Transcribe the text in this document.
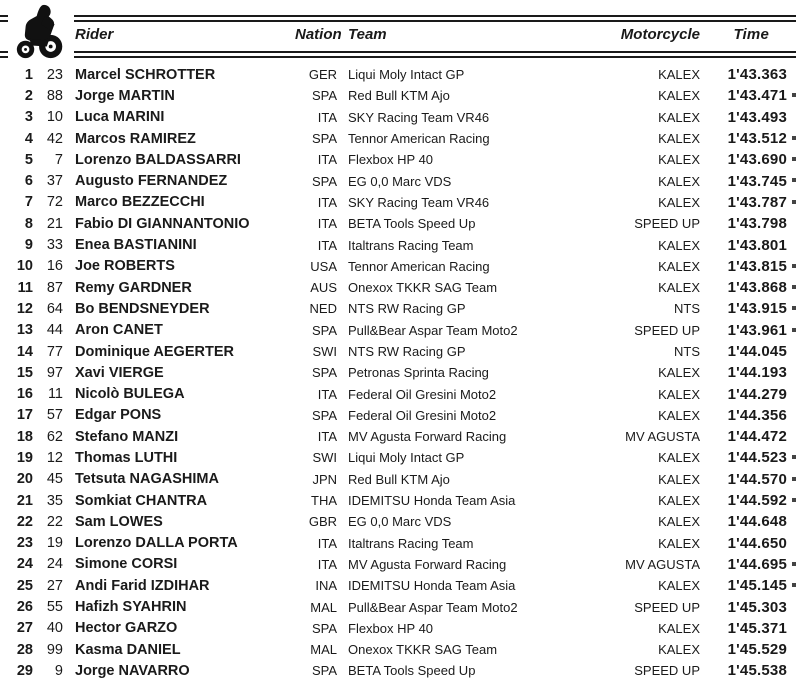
Rider	Nation Team	Motorcycle	Time
1 23 Marcel SCHROTTER	GER Liqui Moly Intact GP	KALEX	1'43.363
2 88 Jorge MARTIN	SPA Red Bull KTM Ajo	KALEX	1'43.471
3 10 Luca MARINI	ITA SKY Racing Team VR46	KALEX	1'43.493
4 42 Marcos RAMIREZ	SPA Tennor American Racing	KALEX	1'43.512
5	7 Lorenzo BALDASSARRI	ITA Flexbox HP 40	KALEX	1'43.690
6 37 Augusto FERNANDEZ	SPA EG 0,0 Marc VDS	KALEX	1'43.745
7 72 Marco BEZZECCHI	ITA SKY Racing Team VR46	KALEX	1'43.787
8 21 Fabio DI GIANNANTONIO	ITA BETA Tools Speed Up	SPEED UP	1'43.798
9 33 Enea BASTIANINI	ITA Italtrans Racing Team	KALEX	1'43.801
10 16 Joe ROBERTS	USA Tennor American Racing	KALEX	1'43.815
11 87 Remy GARDNER	AUS Onexox TKKR SAG Team	KALEX	1'43.868
12 64 Bo BENDSNEYDER	NED NTS RW Racing GP	NTS	1'43.915
13 44 Aron CANET	SPA Pull&Bear Aspar Team Moto2	SPEED UP	1'43.961
14 77 Dominique AEGERTER	SWI NTS RW Racing GP	NTS	1'44.045
15 97 Xavi VIERGE	SPA Petronas Sprinta Racing	KALEX	1'44.193
16	11 Nicolò BULEGA	ITA Federal Oil Gresini Moto2	KALEX	1'44.279
17 57 Edgar PONS	SPA Federal Oil Gresini Moto2	KALEX	1'44.356
18 62 Stefano MANZI	ITA MV Agusta Forward Racing	MV AGUSTA	1'44.472
19 12 Thomas LUTHI	SWI Liqui Moly Intact GP	KALEX	1'44.523
20 45 Tetsuta NAGASHIMA	JPN Red Bull KTM Ajo	KALEX	1'44.570
21 35 Somkiat CHANTRA	THA IDEMITSU Honda Team Asia	KALEX	1'44.592
22 22 Sam LOWES	GBR EG 0,0 Marc VDS	KALEX	1'44.648
23 19 Lorenzo DALLA PORTA	ITA Italtrans Racing Team	KALEX	1'44.650
24 24 Simone CORSI	ITA MV Agusta Forward Racing	MV AGUSTA	1'44.695
25 27 Andi Farid IZDIHAR	INA IDEMITSU Honda Team Asia	KALEX	1'45.145
26 55 Hafizh SYAHRIN	MAL Pull&Bear Aspar Team Moto2	SPEED UP	1'45.303
27 40 Hector GARZO	SPA Flexbox HP 40	KALEX	1'45.371
28 99 Kasma DANIEL	MAL Onexox TKKR SAG Team	KALEX	1'45.529
29	9 Jorge NAVARRO	SPA BETA Tools Speed Up	SPEED UP	1'45.538
